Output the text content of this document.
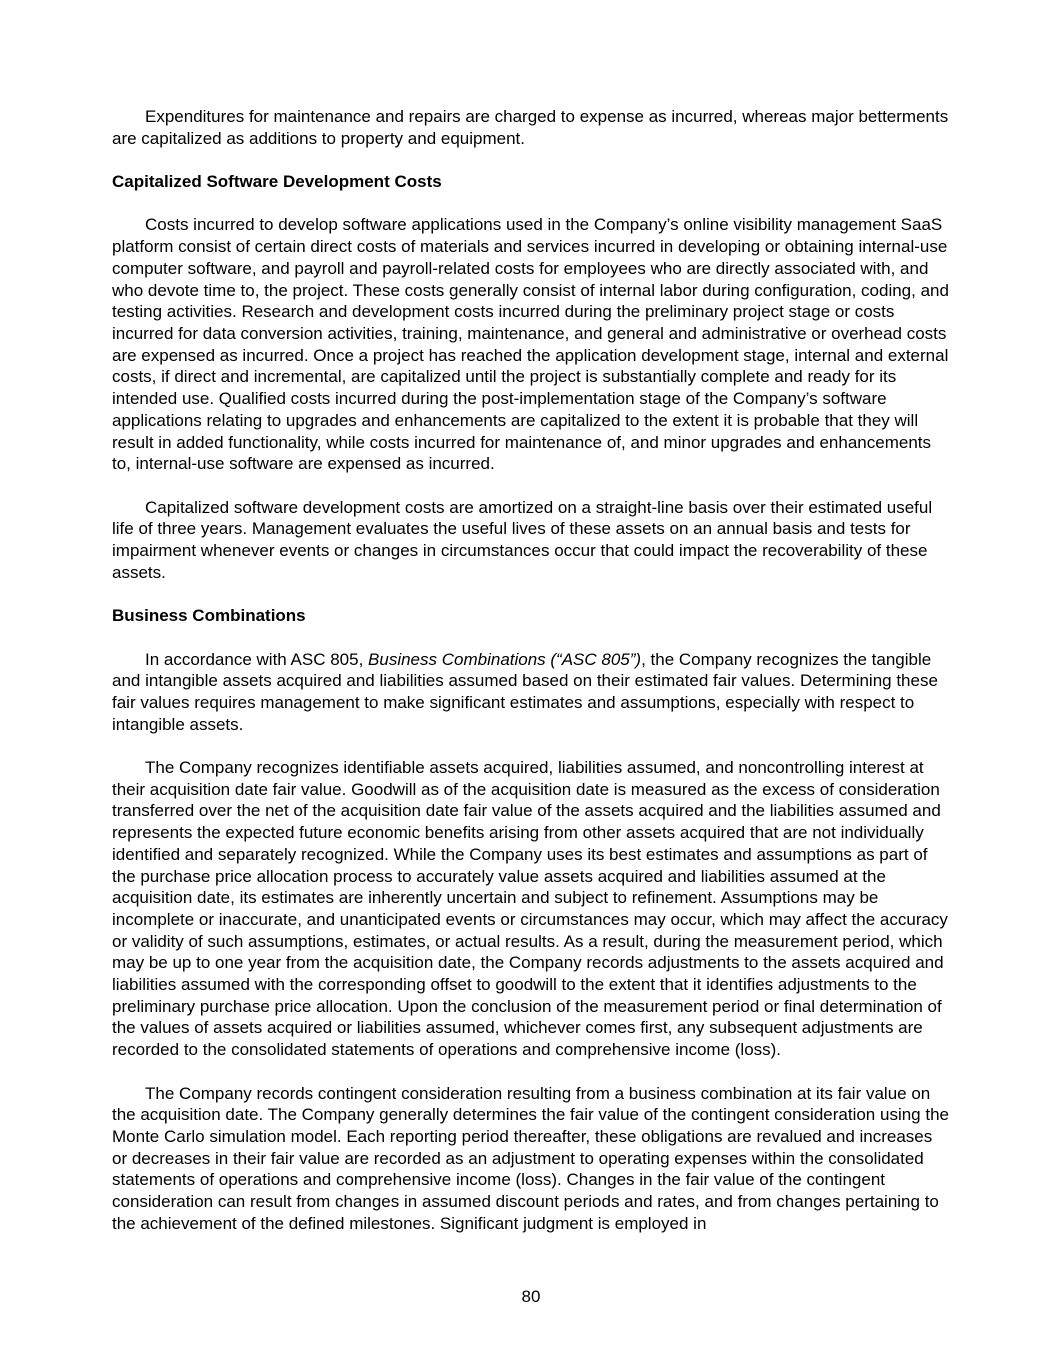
Expenditures for maintenance and repairs are charged to expense as incurred, whereas major betterments are capitalized as additions to property and equipment.

Capitalized Software Development Costs

Costs incurred to develop software applications used in the Company’s online visibility management SaaS platform consist of certain direct costs of materials and services incurred in developing or obtaining internal-use computer software, and payroll and payroll-related costs for employees who are directly associated with, and who devote time to, the project. These costs generally consist of internal labor during configuration, coding, and testing activities. Research and development costs incurred during the preliminary project stage or costs incurred for data conversion activities, training, maintenance, and general and administrative or overhead costs are expensed as incurred. Once a project has reached the application development stage, internal and external costs, if direct and incremental, are capitalized until the project is substantially complete and ready for its intended use. Qualified costs incurred during the post-implementation stage of the Company’s software applications relating to upgrades and enhancements are capitalized to the extent it is probable that they will result in added functionality, while costs incurred for maintenance of, and minor upgrades and enhancements to, internal-use software are expensed as incurred.

Capitalized software development costs are amortized on a straight-line basis over their estimated useful life of three years. Management evaluates the useful lives of these assets on an annual basis and tests for impairment whenever events or changes in circumstances occur that could impact the recoverability of these assets.

Business Combinations

In accordance with ASC 805, Business Combinations (“ASC 805”), the Company recognizes the tangible and intangible assets acquired and liabilities assumed based on their estimated fair values. Determining these fair values requires management to make significant estimates and assumptions, especially with respect to intangible assets.

The Company recognizes identifiable assets acquired, liabilities assumed, and noncontrolling interest at their acquisition date fair value. Goodwill as of the acquisition date is measured as the excess of consideration transferred over the net of the acquisition date fair value of the assets acquired and the liabilities assumed and represents the expected future economic benefits arising from other assets acquired that are not individually identified and separately recognized. While the Company uses its best estimates and assumptions as part of the purchase price allocation process to accurately value assets acquired and liabilities assumed at the acquisition date, its estimates are inherently uncertain and subject to refinement. Assumptions may be incomplete or inaccurate, and unanticipated events or circumstances may occur, which may affect the accuracy or validity of such assumptions, estimates, or actual results. As a result, during the measurement period, which may be up to one year from the acquisition date, the Company records adjustments to the assets acquired and liabilities assumed with the corresponding offset to goodwill to the extent that it identifies adjustments to the preliminary purchase price allocation. Upon the conclusion of the measurement period or final determination of the values of assets acquired or liabilities assumed, whichever comes first, any subsequent adjustments are recorded to the consolidated statements of operations and comprehensive income (loss).

The Company records contingent consideration resulting from a business combination at its fair value on the acquisition date. The Company generally determines the fair value of the contingent consideration using the Monte Carlo simulation model. Each reporting period thereafter, these obligations are revalued and increases or decreases in their fair value are recorded as an adjustment to operating expenses within the consolidated statements of operations and comprehensive income (loss). Changes in the fair value of the contingent consideration can result from changes in assumed discount periods and rates, and from changes pertaining to the achievement of the defined milestones. Significant judgment is employed in

80
